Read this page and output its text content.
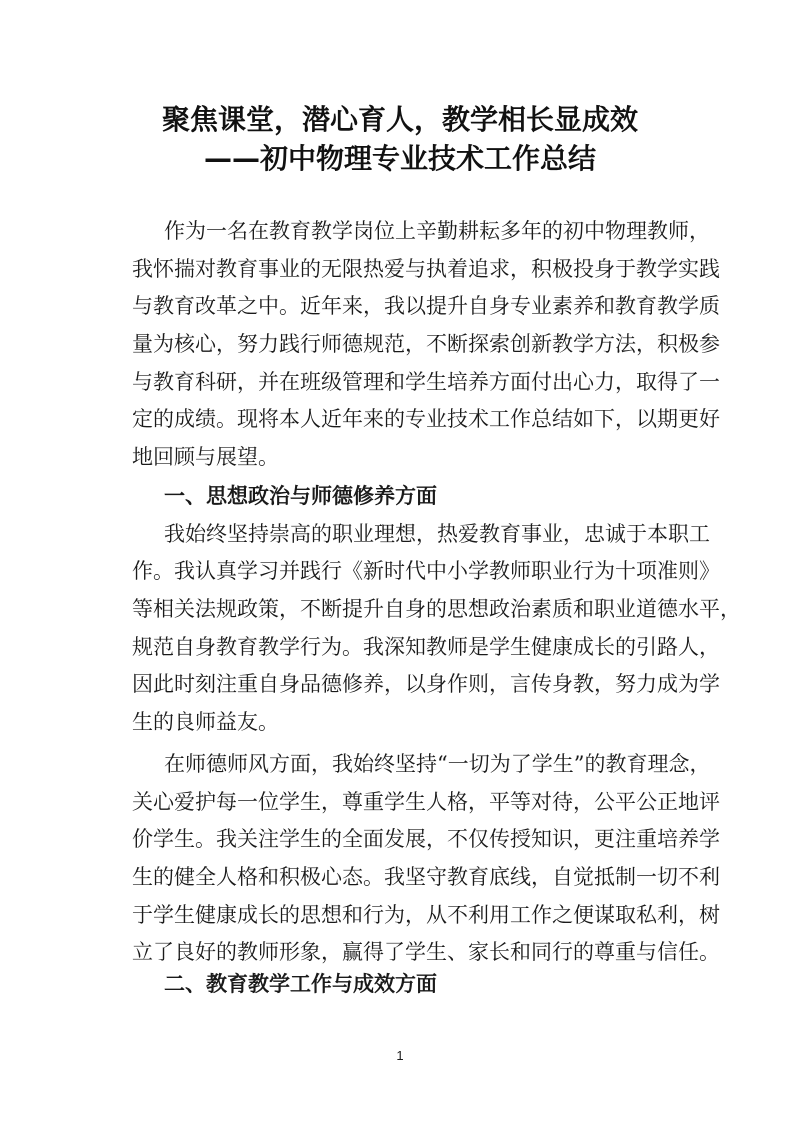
聚焦课堂，潜心育人，教学相长显成效
——初中物理专业技术工作总结
作为一名在教育教学岗位上辛勤耕耘多年的初中物理教师，
我怀揣对教育事业的无限热爱与执着追求，积极投身于教学实践
与教育改革之中。近年来，我以提升自身专业素养和教育教学质
量为核心，努力践行师德规范，不断探索创新教学方法，积极参
与教育科研，并在班级管理和学生培养方面付出心力，取得了一
定的成绩。现将本人近年来的专业技术工作总结如下，以期更好
地回顾与展望。
一、思想政治与师德修养方面
我始终坚持崇高的职业理想，热爱教育事业，忠诚于本职工
作。我认真学习并践行《新时代中小学教师职业行为十项准则》
等相关法规政策，不断提升自身的思想政治素质和职业道德水平，
规范自身教育教学行为。我深知教师是学生健康成长的引路人，
因此时刻注重自身品德修养，以身作则，言传身教，努力成为学
生的良师益友。
在师德师风方面，我始终坚持“一切为了学生”的教育理念，
关心爱护每一位学生，尊重学生人格，平等对待，公平公正地评
价学生。我关注学生的全面发展，不仅传授知识，更注重培养学
生的健全人格和积极心态。我坚守教育底线，自觉抵制一切不利
于学生健康成长的思想和行为，从不利用工作之便谋取私利，树
立了良好的教师形象，赢得了学生、家长和同行的尊重与信任。
二、教育教学工作与成效方面
1
